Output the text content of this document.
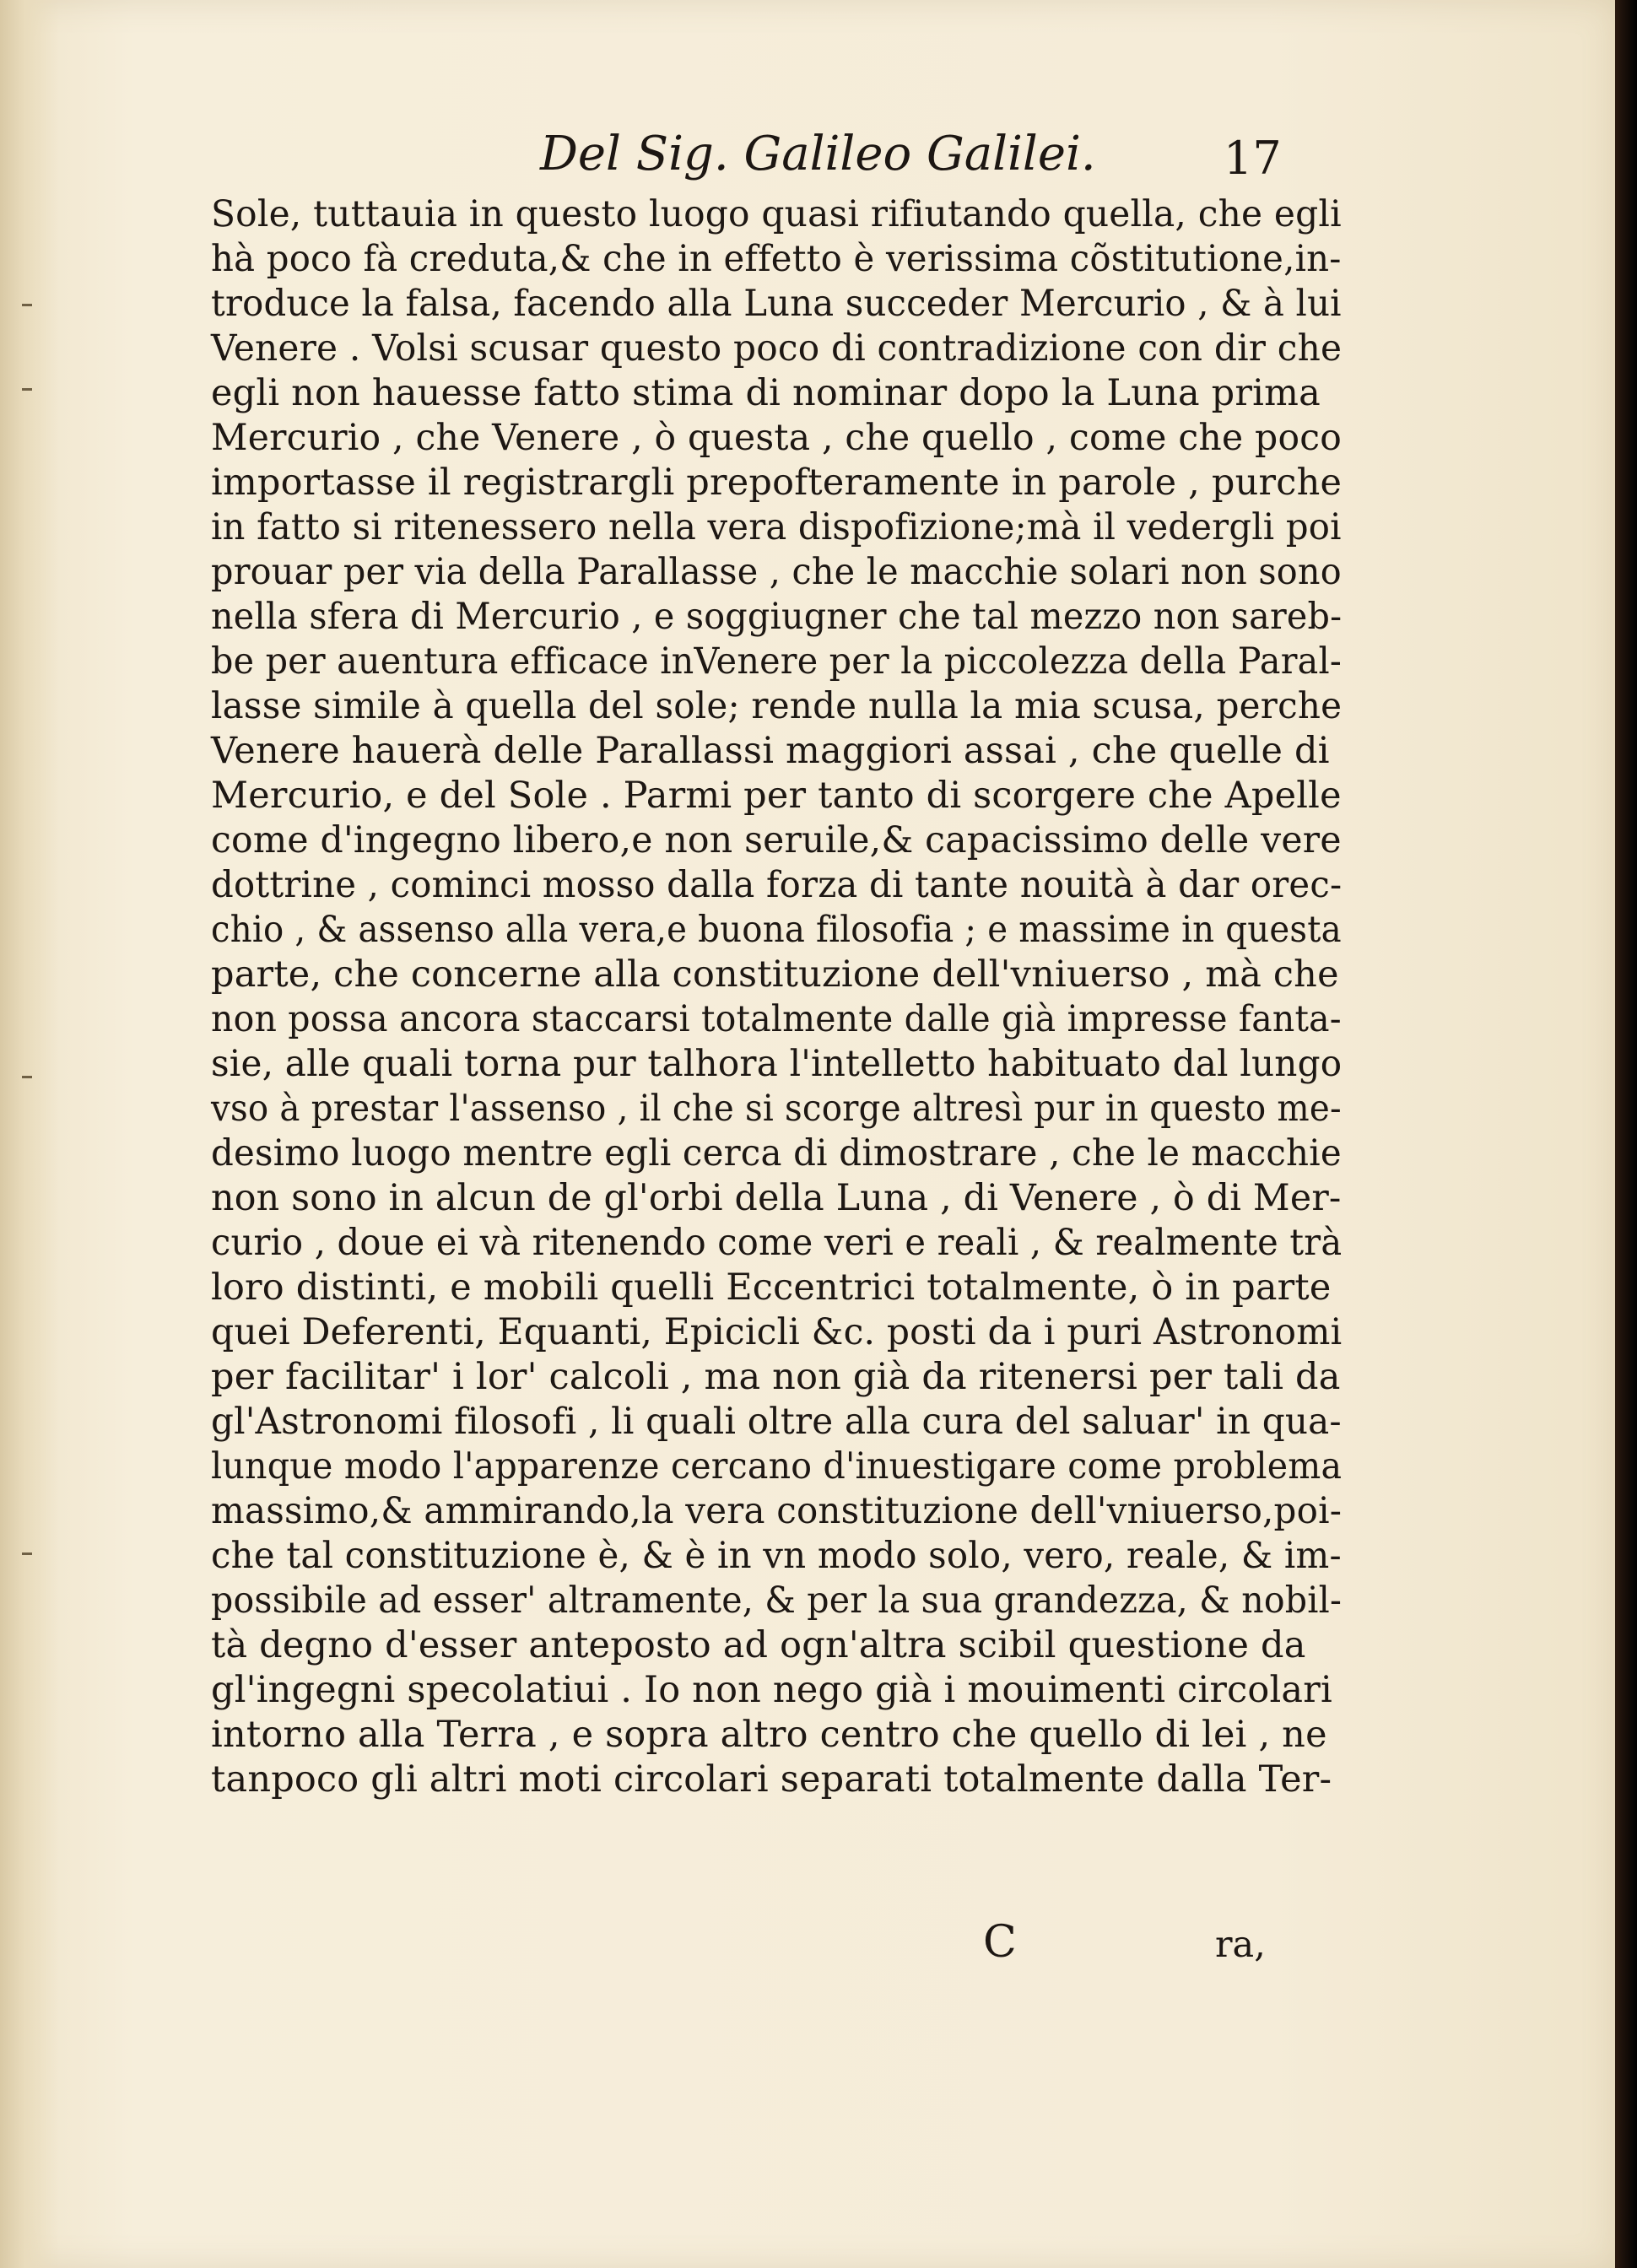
Del Sig. Galileo Galilei.	17
Sole, tuttauia in questo luogo quasi rifiutando quella, che egli
hà poco fà creduta,& che in effetto è verissima cõstitutione,in-
troduce la falsa, facendo alla Luna succeder Mercurio , & à lui
Venere . Volsi scusar questo poco di contradizione con dir che
egli non hauesse fatto stima di nominar dopo la Luna prima
Mercurio , che Venere , ò questa , che quello , come che poco
importasse il registrargli prepofteramente in parole , purche
in fatto si ritenessero nella vera dispofizione;mà il vedergli poi
prouar per via della Parallasse , che le macchie solari non sono
nella sfera di Mercurio , e soggiugner che tal mezzo non sareb-
be per auentura efficace inVenere per la piccolezza della Paral-
lasse simile à quella del sole; rende nulla la mia scusa, perche
Venere hauerà delle Parallassi maggiori assai , che quelle di
Mercurio, e del Sole . Parmi per tanto di scorgere che Apelle
come d'ingegno libero,e non seruile,& capacissimo delle vere
dottrine , cominci mosso dalla forza di tante nouità à dar orec-
chio , & assenso alla vera,e buona filosofia ; e massime in questa
parte, che concerne alla constituzione dell'vniuerso , mà che
non possa ancora staccarsi totalmente dalle già impresse fanta-
sie, alle quali torna pur talhora l'intelletto habituato dal lungo
vso à prestar l'assenso , il che si scorge altresì pur in questo me-
desimo luogo mentre egli cerca di dimostrare , che le macchie
non sono in alcun de gl'orbi della Luna , di Venere , ò di Mer-
curio , doue ei và ritenendo come veri e reali , & realmente trà
loro distinti, e mobili quelli Eccentrici totalmente, ò in parte
quei Deferenti, Equanti, Epicicli &c. posti da i puri Astronomi
per facilitar' i lor' calcoli , ma non già da ritenersi per tali da
gl'Astronomi filosofi , li quali oltre alla cura del saluar' in qua-
lunque modo l'apparenze cercano d'inuestigare come problema
massimo,& ammirando,la vera constituzione dell'vniuerso,poi-
che tal constituzione è, & è in vn modo solo, vero, reale, & im-
possibile ad esser' altramente, & per la sua grandezza, & nobil-
tà degno d'esser anteposto ad ogn'altra scibil questione da
gl'ingegni specolatiui . Io non nego già i mouimenti circolari
intorno alla Terra , e sopra altro centro che quello di lei , ne
tanpoco gli altri moti circolari separati totalmente dalla Ter-
C	ra,
